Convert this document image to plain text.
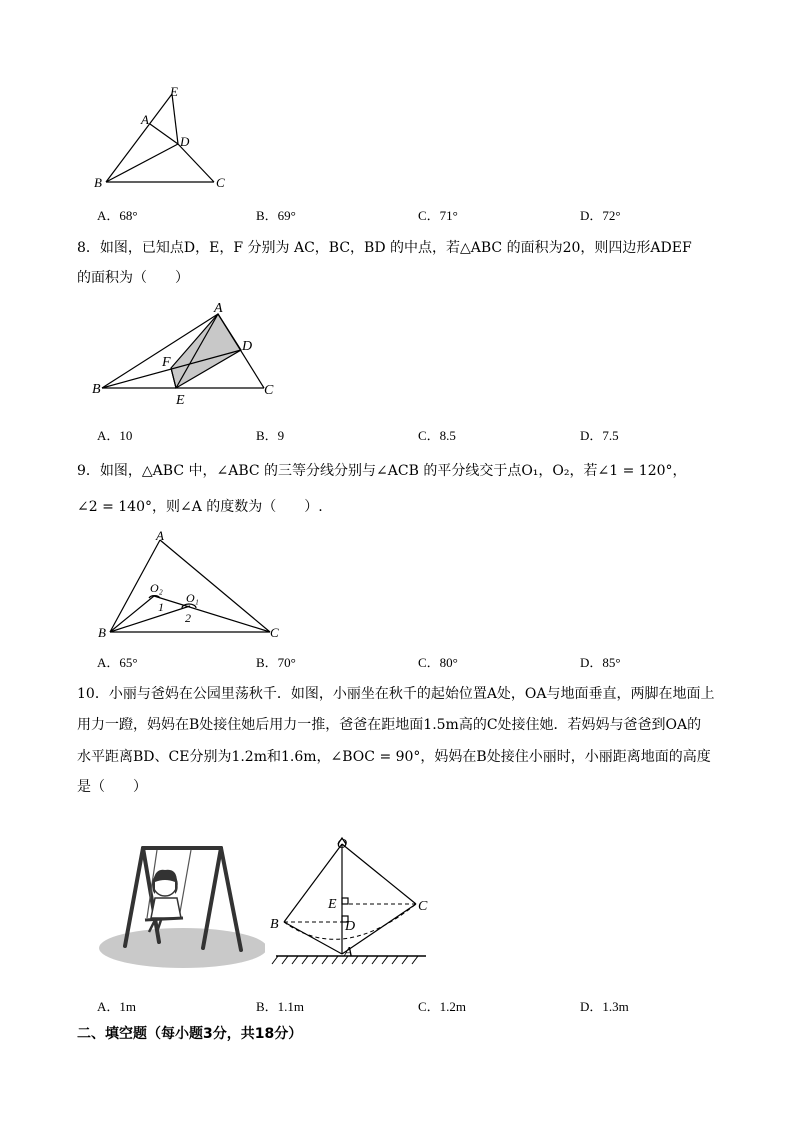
E
A
D
B	C
A．68°	B．69°	C．71°	D．72°
8．如图，已知点D，E，F 分别为 AC，BC，BD 的中点，若△ABC 的面积为20，则四边形ADEF
的面积为（　　）
A
D
F
B
E
C
A．10	B．9	C．8.5	D．7.5
9．如图，△ABC 中，∠ABC 的三等分线分别与∠ACB 的平分线交于点O₁，O₂，若∠1 = 120°，
∠2 = 140°，则∠A 的度数为（　　）.
A
O₂
O₁
1
2
B	C
A．65°	B．70°	C．80°	D．85°
10．小丽与爸妈在公园里荡秋千．如图，小丽坐在秋千的起始位置A处，OA与地面垂直，两脚在地面上
用力一蹬，妈妈在B处接住她后用力一推，爸爸在距地面1.5m高的C处接住她．若妈妈与爸爸到OA的
水平距离BD、CE分别为1.2m和1.6m，∠BOC = 90°，妈妈在B处接住小丽时，小丽距离地面的高度
是（　　）
O
E	C
B	D
A
A．1m	B．1.1m	C．1.2m	D．1.3m
二、填空题（每小题3分，共18分）
